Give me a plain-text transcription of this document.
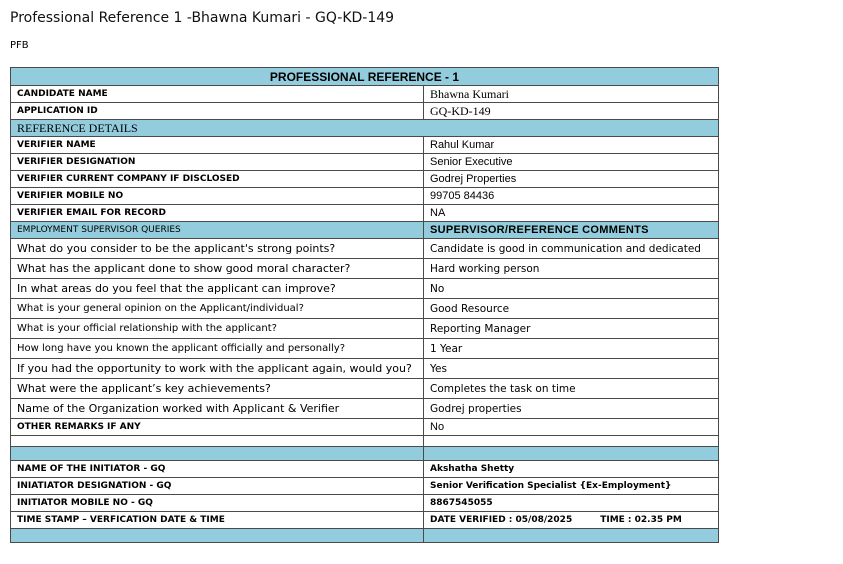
Professional Reference 1 -Bhawna Kumari - GQ-KD-149
PFB
PROFESSIONAL REFERENCE - 1	
CANDIDATE NAME	Bhawna Kumari
APPLICATION ID	GQ-KD-149
REFERENCE DETAILS	
VERIFIER NAME	Rahul Kumar
VERIFIER DESIGNATION	Senior Executive
VERIFIER CURRENT COMPANY IF DISCLOSED	Godrej Properties
VERIFIER MOBILE NO	99705 84436
VERIFIER EMAIL FOR RECORD	NA
EMPLOYMENT SUPERVISOR QUERIES	SUPERVISOR/REFERENCE COMMENTS
What do you consider to be the applicant's strong points?	Candidate is good in communication and dedicated
What has the applicant done to show good moral character?	Hard working person
In what areas do you feel that the applicant can improve?	No
What is your general opinion on the Applicant/individual?	Good Resource
What is your official relationship with the applicant?	Reporting Manager
How long have you known the applicant officially and personally?	1 Year
If you had the opportunity to work with the applicant again, would you?	Yes
What were the applicant’s key achievements?	Completes the task on time
Name of the Organization worked with Applicant & Verifier	Godrej properties
OTHER REMARKS IF ANY	No

NAME OF THE INITIATOR - GQ	Akshatha Shetty
INIATIATOR DESIGNATION - GQ	Senior Verification Specialist {Ex-Employment}
INITIATOR MOBILE NO - GQ	8867545055
TIME STAMP – VERFICATION DATE & TIME	DATE VERIFIED : 05/08/2025 TIME : 02.35 PM
